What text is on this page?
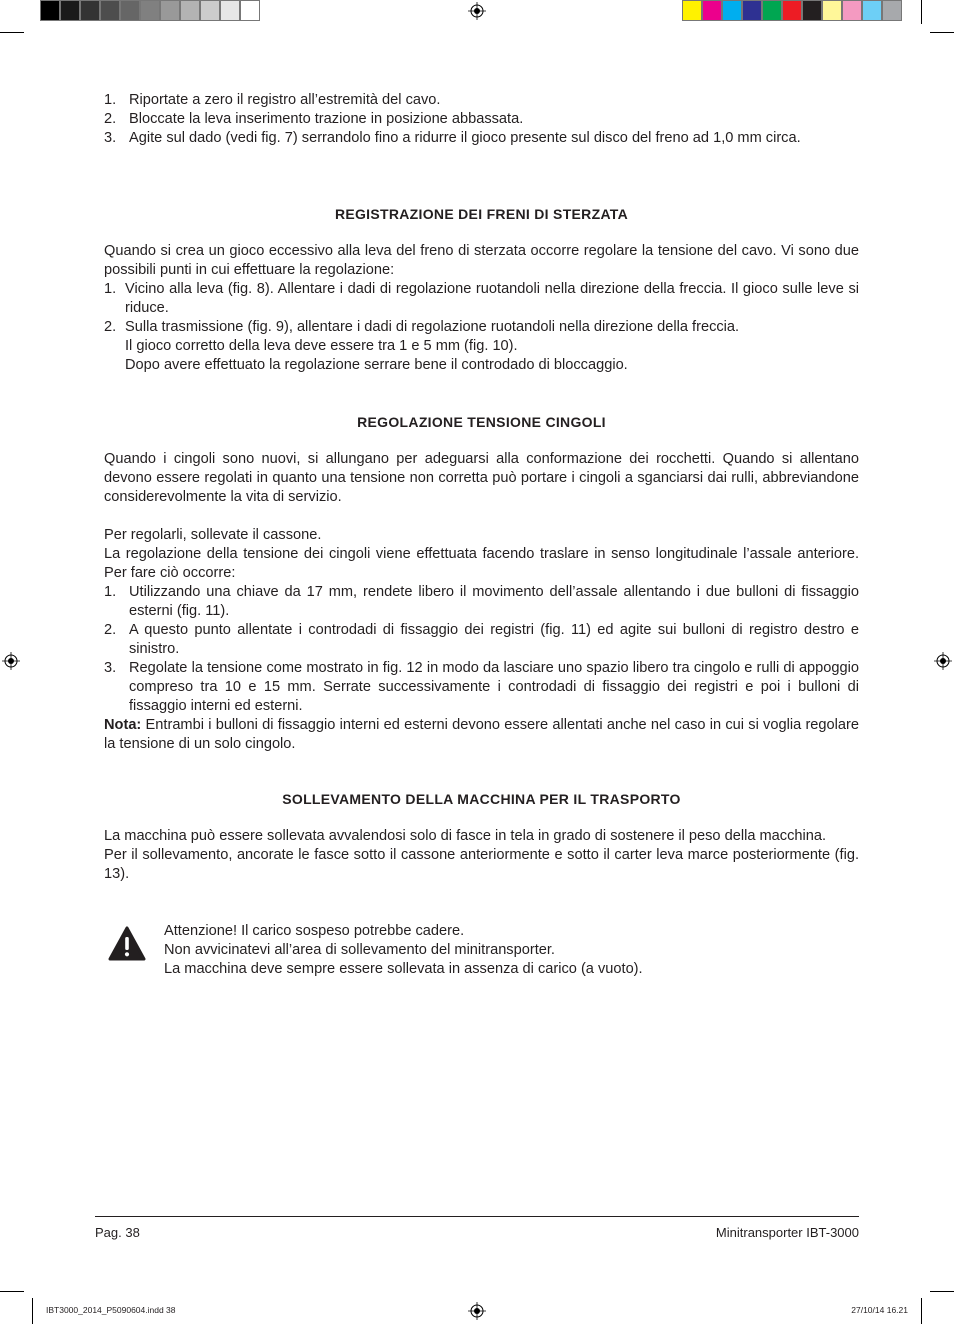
1. Riportate a zero il registro all’estremità del cavo.
2. Bloccate la leva inserimento trazione in posizione abbassata.
3. Agite sul dado (vedi fig. 7) serrandolo fino a ridurre il gioco presente sul disco del freno ad 1,0 mm circa.
REGISTRAZIONE DEI FRENI DI STERZATA

Quando si crea un gioco eccessivo alla leva del freno di sterzata occorre regolare la tensione del cavo. Vi sono due possibili punti in cui effettuare la regolazione:

1. Vicino alla leva (fig. 8). Allentare i dadi di regolazione ruotandoli nella direzione della freccia. Il gioco sulle leve si riduce.
2. Sulla trasmissione (fig. 9), allentare i dadi di regolazione ruotandoli nella direzione della freccia.
Il gioco corretto della leva deve essere tra 1 e 5 mm (fig. 10).
Dopo avere effettuato la regolazione serrare bene il controdado di bloccaggio.
REGOLAZIONE TENSIONE CINGOLI

Quando i cingoli sono nuovi, si allungano per adeguarsi alla conformazione dei rocchetti. Quando si allentano devono essere regolati in quanto una tensione non corretta può portare i cingoli a sganciarsi dai rulli, abbreviandone considerevolmente la vita di servizio.

Per regolarli, sollevate il cassone.

La regolazione della tensione dei cingoli viene effettuata facendo traslare in senso longitudinale l’assale anteriore. Per fare ciò occorre:

1. Utilizzando una chiave da 17 mm, rendete libero il movimento dell’assale allentando i due bulloni di fissaggio esterni (fig. 11).
2. A questo punto allentate i controdadi di fissaggio dei registri (fig. 11) ed agite sui bulloni di registro destro e sinistro.
3. Regolate la tensione come mostrato in fig. 12 in modo da lasciare uno spazio libero tra cingolo e rulli di appoggio compreso tra 10 e 15 mm. Serrate successivamente i controdadi di fissaggio dei registri e poi i bulloni di fissaggio interni ed esterni.

Nota: Entrambi i bulloni di fissaggio interni ed esterni devono essere allentati anche nel caso in cui si voglia regolare la tensione di un solo cingolo.

SOLLEVAMENTO DELLA MACCHINA PER IL TRASPORTO

La macchina può essere sollevata avvalendosi solo di fasce in tela in grado di sostenere il peso della macchina.

Per il sollevamento, ancorate le fasce sotto il cassone anteriormente e sotto il carter leva marce posteriormente (fig. 13).

Attenzione! Il carico sospeso potrebbe cadere.
Non avvicinatevi all’area di sollevamento del minitransporter.
La macchina deve sempre essere sollevata in assenza di carico (a vuoto).
Pag. 38	Minitransporter IBT-3000
IBT3000_2014_P5090604.indd 38	27/10/14 16.21
